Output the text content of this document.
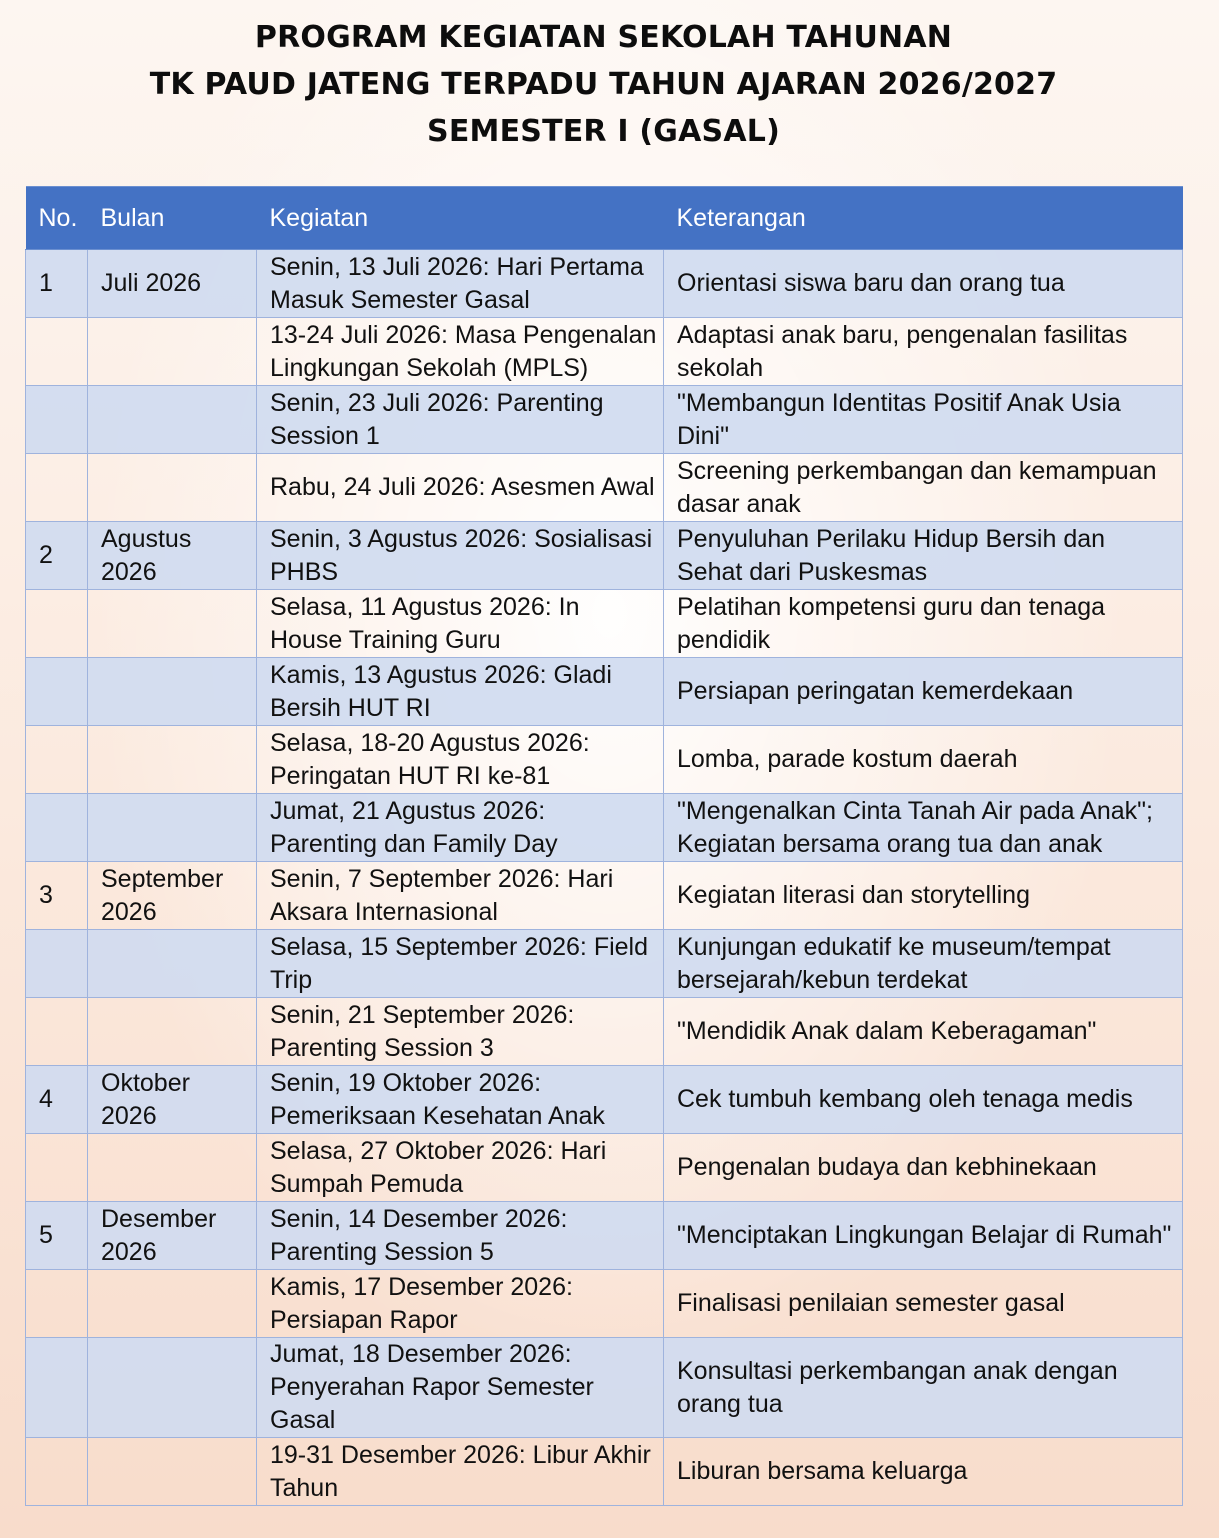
PROGRAM KEGIATAN SEKOLAH TAHUNAN
TK PAUD JATENG TERPADU TAHUN AJARAN 2026/2027
SEMESTER I (GASAL)
No.	Bulan	Kegiatan	Keterangan
1	Juli 2026	Senin, 13 Juli 2026: Hari Pertama Masuk Semester Gasal	Orientasi siswa baru dan orang tua
		13-24 Juli 2026: Masa Pengenalan Lingkungan Sekolah (MPLS)	Adaptasi anak baru, pengenalan fasilitas sekolah
		Senin, 23 Juli 2026: Parenting Session 1	"Membangun Identitas Positif Anak Usia Dini"
		Rabu, 24 Juli 2026: Asesmen Awal	Screening perkembangan dan kemampuan dasar anak
2	Agustus 2026	Senin, 3 Agustus 2026: Sosialisasi PHBS	Penyuluhan Perilaku Hidup Bersih dan Sehat dari Puskesmas
		Selasa, 11 Agustus 2026: In House Training Guru	Pelatihan kompetensi guru dan tenaga pendidik
		Kamis, 13 Agustus 2026: Gladi Bersih HUT RI	Persiapan peringatan kemerdekaan
		Selasa, 18-20 Agustus 2026: Peringatan HUT RI ke-81	Lomba, parade kostum daerah
		Jumat, 21 Agustus 2026: Parenting dan Family Day	"Mengenalkan Cinta Tanah Air pada Anak"; Kegiatan bersama orang tua dan anak
3	September 2026	Senin, 7 September 2026: Hari Aksara Internasional	Kegiatan literasi dan storytelling
		Selasa, 15 September 2026: Field Trip	Kunjungan edukatif ke museum/tempat bersejarah/kebun terdekat
		Senin, 21 September 2026: Parenting Session 3	"Mendidik Anak dalam Keberagaman"
4	Oktober 2026	Senin, 19 Oktober 2026: Pemeriksaan Kesehatan Anak	Cek tumbuh kembang oleh tenaga medis
		Selasa, 27 Oktober 2026: Hari Sumpah Pemuda	Pengenalan budaya dan kebhinekaan
5	Desember 2026	Senin, 14 Desember 2026: Parenting Session 5	"Menciptakan Lingkungan Belajar di Rumah"
		Kamis, 17 Desember 2026: Persiapan Rapor	Finalisasi penilaian semester gasal
		Jumat, 18 Desember 2026: Penyerahan Rapor Semester Gasal	Konsultasi perkembangan anak dengan orang tua
		19-31 Desember 2026: Libur Akhir Tahun	Liburan bersama keluarga
